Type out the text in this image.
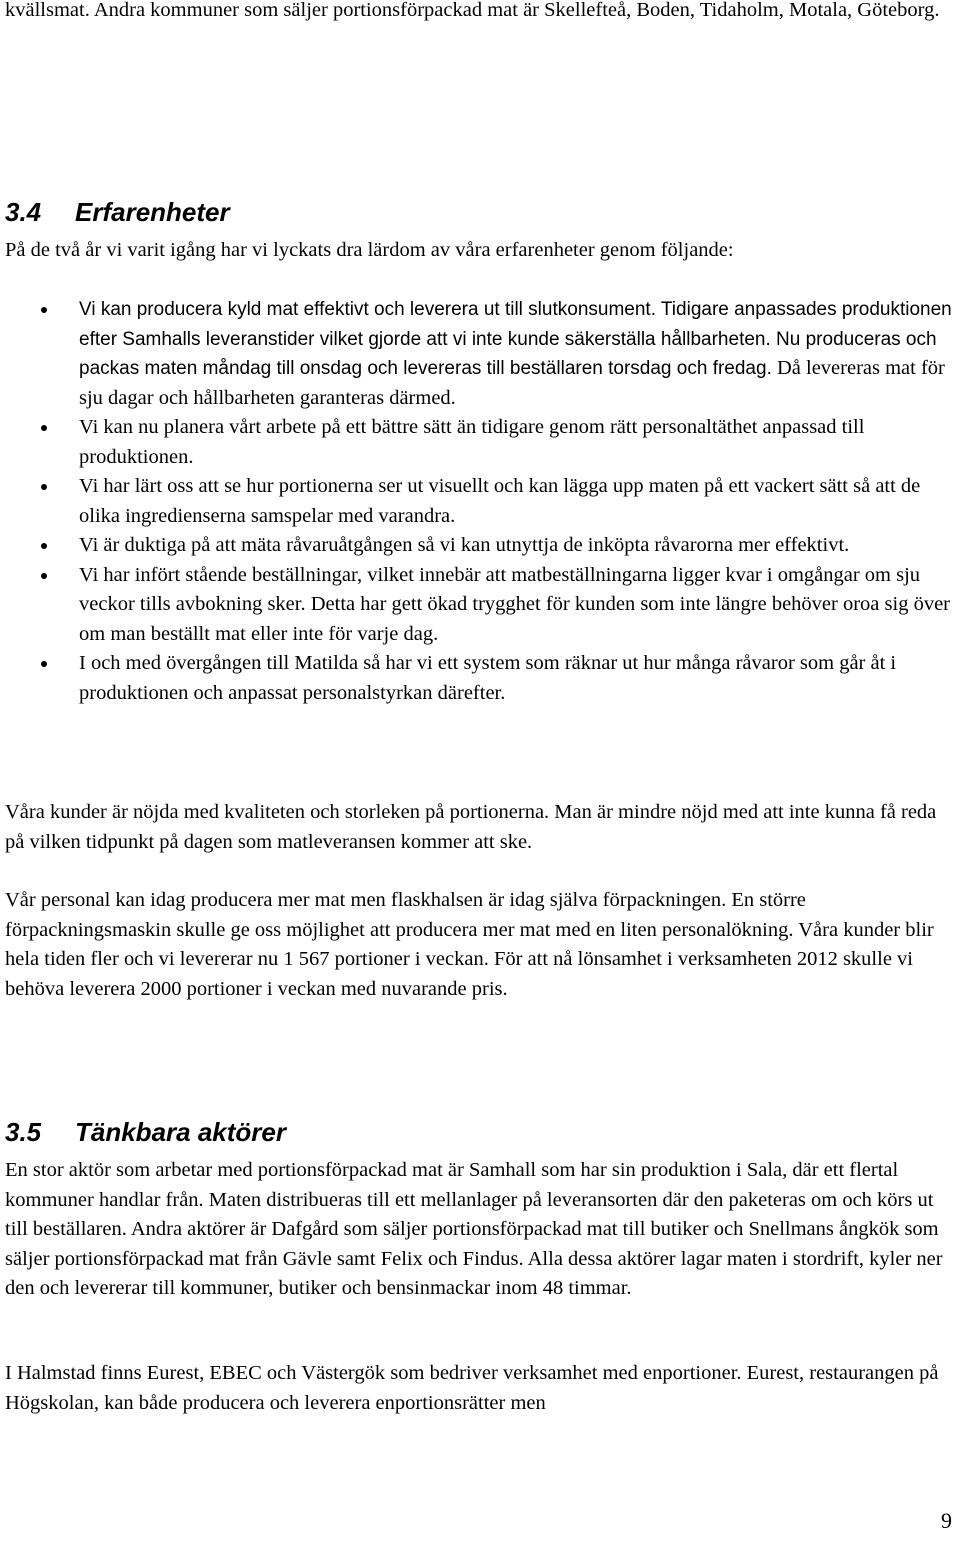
kvällsmat. Andra kommuner som säljer portionsförpackad mat är Skellefteå, Boden, Tidaholm, Motala, Göteborg.

3.4 Erfarenheter

På de två år vi varit igång har vi lyckats dra lärdom av våra erfarenheter genom följande:

Vi kan producera kyld mat effektivt och leverera ut till slutkonsument. Tidigare anpassades produktionen efter Samhalls leveranstider vilket gjorde att vi inte kunde säkerställa hållbarheten. Nu produceras och packas maten måndag till onsdag och levereras till beställaren torsdag och fredag. Då levereras mat för sju dagar och hållbarheten garanteras därmed.
Vi kan nu planera vårt arbete på ett bättre sätt än tidigare genom rätt personaltäthet anpassad till produktionen.
Vi har lärt oss att se hur portionerna ser ut visuellt och kan lägga upp maten på ett vackert sätt så att de olika ingredienserna samspelar med varandra.
Vi är duktiga på att mäta råvaruåtgången så vi kan utnyttja de inköpta råvarorna mer effektivt.
Vi har infört stående beställningar, vilket innebär att matbeställningarna ligger kvar i omgångar om sju veckor tills avbokning sker. Detta har gett ökad trygghet för kunden som inte längre behöver oroa sig över om man beställt mat eller inte för varje dag.
I och med övergången till Matilda så har vi ett system som räknar ut hur många råvaror som går åt i produktionen och anpassat personalstyrkan därefter.

Våra kunder är nöjda med kvaliteten och storleken på portionerna. Man är mindre nöjd med att inte kunna få reda på vilken tidpunkt på dagen som matleveransen kommer att ske.

Vår personal kan idag producera mer mat men flaskhalsen är idag själva förpackningen. En större förpackningsmaskin skulle ge oss möjlighet att producera mer mat med en liten personalökning. Våra kunder blir hela tiden fler och vi levererar nu 1 567 portioner i veckan. För att nå lönsamhet i verksamheten 2012 skulle vi behöva leverera 2000 portioner i veckan med nuvarande pris.

3.5 Tänkbara aktörer

En stor aktör som arbetar med portionsförpackad mat är Samhall som har sin produktion i Sala, där ett flertal kommuner handlar från. Maten distribueras till ett mellanlager på leveransorten där den paketeras om och körs ut till beställaren. Andra aktörer är Dafgård som säljer portionsförpackad mat till butiker och Snellmans ångkök som säljer portionsförpackad mat från Gävle samt Felix och Findus. Alla dessa aktörer lagar maten i stordrift, kyler ner den och levererar till kommuner, butiker och bensinmackar inom 48 timmar.

I Halmstad finns Eurest, EBEC och Västergök som bedriver verksamhet med enportioner. Eurest, restaurangen på Högskolan, kan både producera och leverera enportionsrätter men

9
